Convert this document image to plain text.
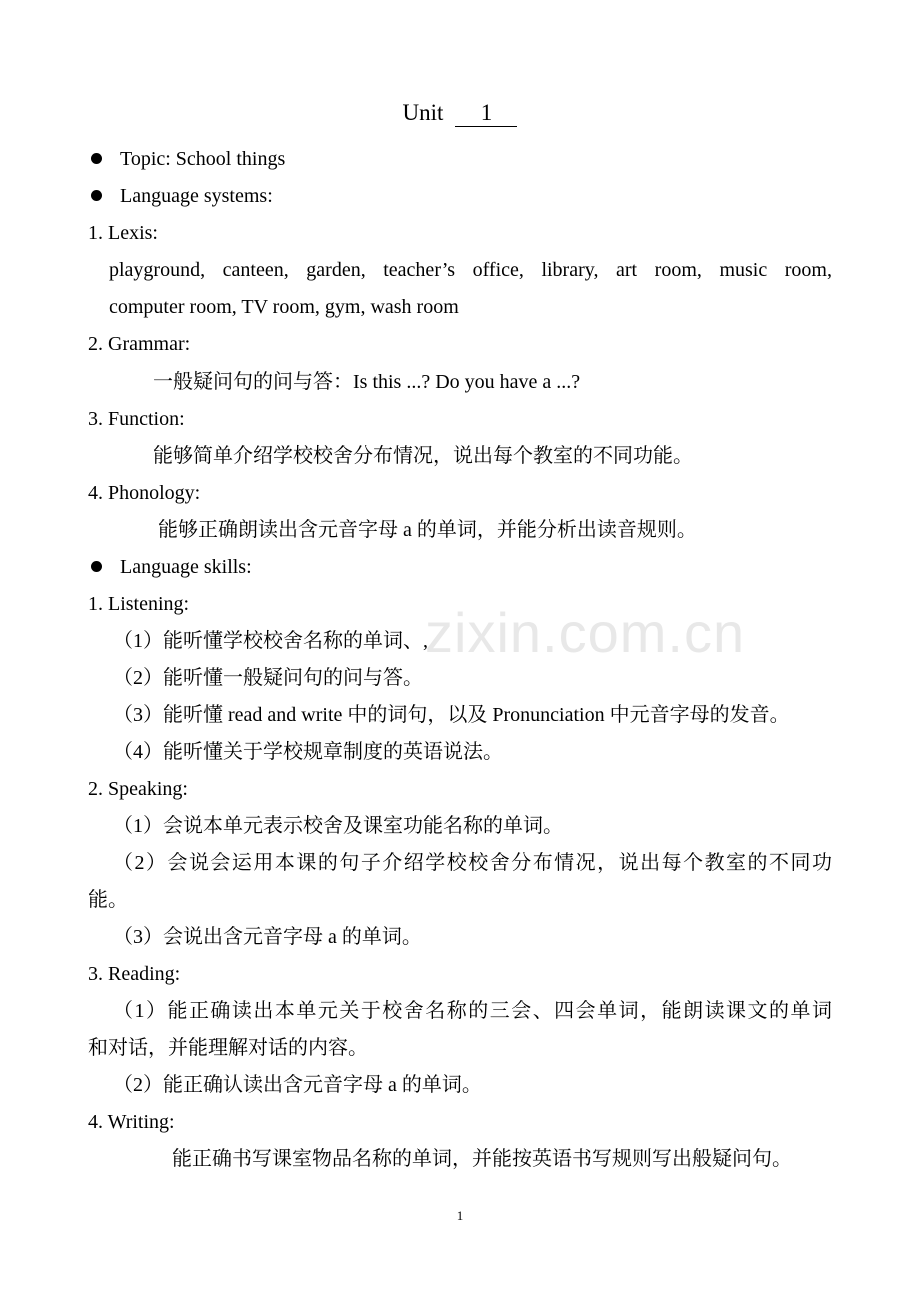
Unit 1
Topic: School things
Language systems:
1. Lexis:
playground, canteen, garden, teacher’s office, library, art room, music room,
computer room, TV room, gym, wash room
2. Grammar:
一般疑问句的问与答：Is this ...? Do you have a ...?
3. Function:
能够简单介绍学校校舍分布情况，说出每个教室的不同功能。
4. Phonology:
能够正确朗读出含元音字母 a 的单词，并能分析出读音规则。
Language skills:
zixin.com.cn
1. Listening:
（1）能听懂学校校舍名称的单词、,
（2）能听懂一般疑问句的问与答。
（3）能听懂 read and write 中的词句，以及 Pronunciation 中元音字母的发音。
（4）能听懂关于学校规章制度的英语说法。
2. Speaking:
（1）会说本单元表示校舍及课室功能名称的单词。
（2）会说会运用本课的句子介绍学校校舍分布情况，说出每个教室的不同功
能。
（3）会说出含元音字母 a 的单词。
3. Reading:
（1）能正确读出本单元关于校舍名称的三会、四会单词，能朗读课文的单词
和对话，并能理解对话的内容。
（2）能正确认读出含元音字母 a 的单词。
4. Writing:
能正确书写课室物品名称的单词，并能按英语书写规则写出般疑问句。
1
